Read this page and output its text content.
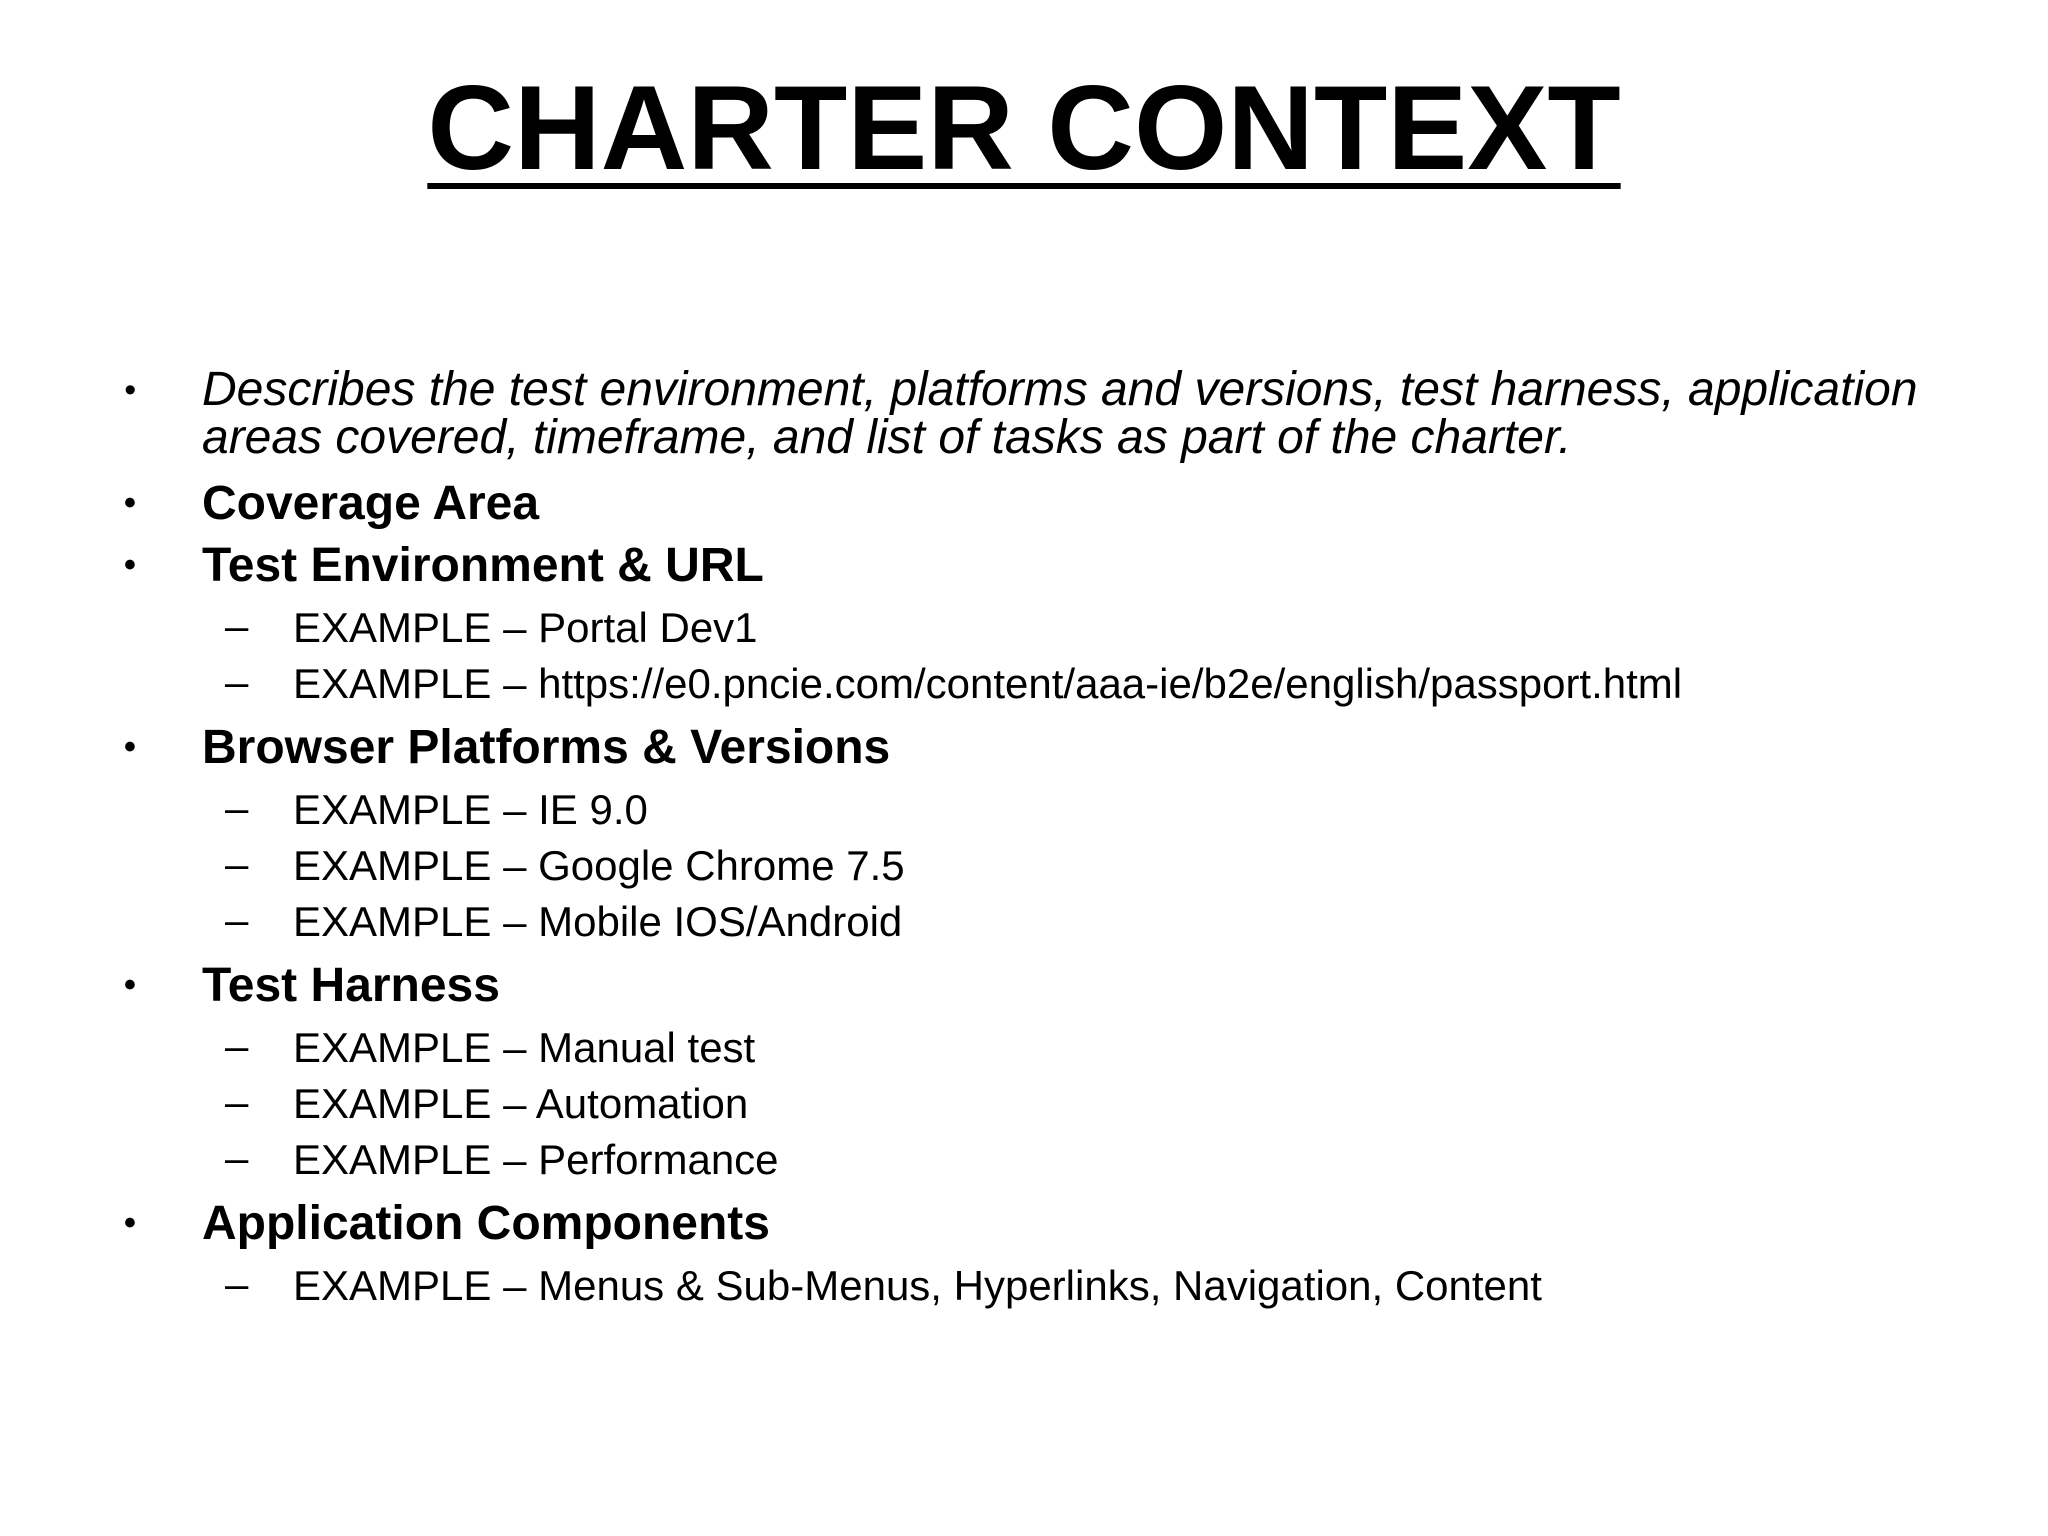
CHARTER CONTEXT
• Describes the test environment, platforms and versions, test harness, application areas covered, timeframe, and list of tasks as part of the charter.
• Coverage Area
• Test Environment & URL
– EXAMPLE – Portal Dev1
– EXAMPLE – https://e0.pncie.com/content/aaa-ie/b2e/english/passport.html
• Browser Platforms & Versions
– EXAMPLE – IE 9.0
– EXAMPLE – Google Chrome 7.5
– EXAMPLE – Mobile IOS/Android
• Test Harness
– EXAMPLE – Manual test
– EXAMPLE – Automation
– EXAMPLE – Performance
• Application Components
– EXAMPLE – Menus & Sub-Menus, Hyperlinks, Navigation, Content
